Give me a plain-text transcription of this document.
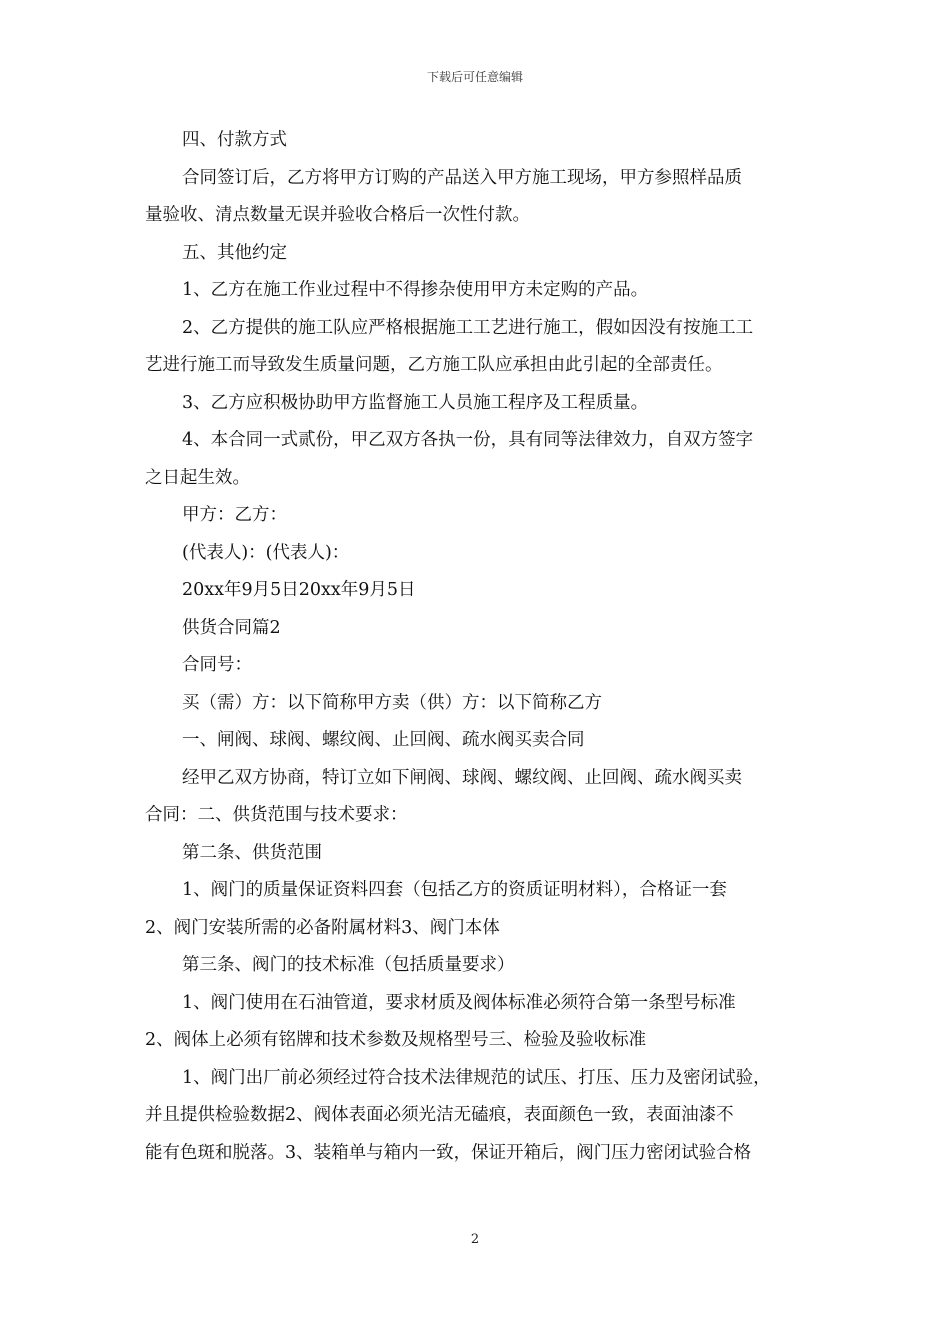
下载后可任意编辑

四、付款方式

合同签订后，乙方将甲方订购的产品送入甲方施工现场，甲方参照样品质

量验收、清点数量无误并验收合格后一次性付款。

五、其他约定

1、乙方在施工作业过程中不得掺杂使用甲方未定购的产品。

2、乙方提供的施工队应严格根据施工工艺进行施工，假如因没有按施工工

艺进行施工而导致发生质量问题，乙方施工队应承担由此引起的全部责任。

3、乙方应积极协助甲方监督施工人员施工程序及工程质量。

4、本合同一式贰份，甲乙双方各执一份，具有同等法律效力，自双方签字

之日起生效。

甲方：乙方：

(代表人)：(代表人)：

20xx年9月5日20xx年9月5日

供货合同篇2

合同号：

买（需）方：以下简称甲方卖（供）方：以下简称乙方

一、闸阀、球阀、螺纹阀、止回阀、疏水阀买卖合同

经甲乙双方协商，特订立如下闸阀、球阀、螺纹阀、止回阀、疏水阀买卖

合同：二、供货范围与技术要求：

第二条、供货范围

1、阀门的质量保证资料四套（包括乙方的资质证明材料），合格证一套

2、阀门安装所需的必备附属材料3、阀门本体

第三条、阀门的技术标准（包括质量要求）

1、阀门使用在石油管道，要求材质及阀体标准必须符合第一条型号标准

2、阀体上必须有铭牌和技术参数及规格型号三、检验及验收标准

1、阀门出厂前必须经过符合技术法律规范的试压、打压、压力及密闭试验，

并且提供检验数据2、阀体表面必须光洁无磕痕，表面颜色一致，表面油漆不

能有色斑和脱落。3、装箱单与箱内一致，保证开箱后，阀门压力密闭试验合格

2
